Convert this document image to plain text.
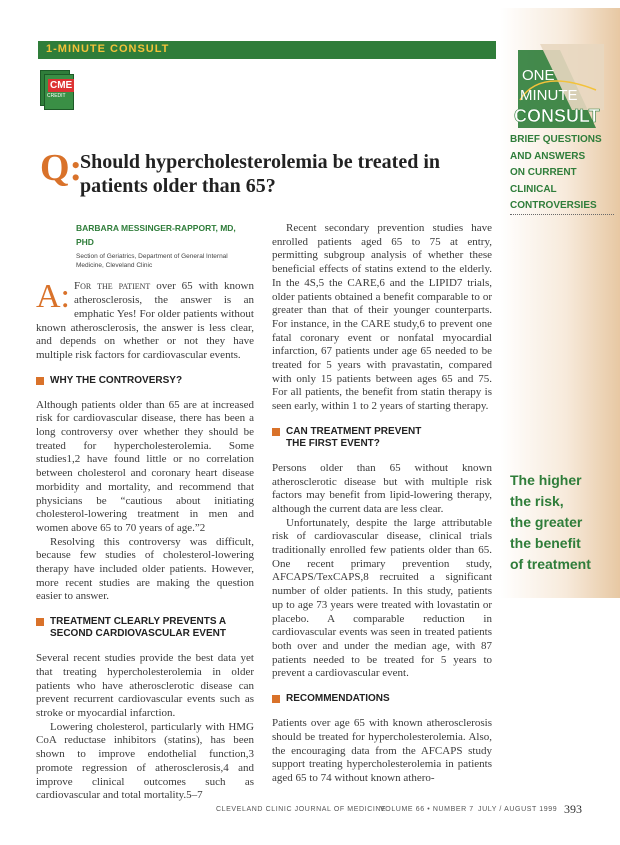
1-MINUTE CONSULT
CME
CREDIT
ONE
MINUTE
CONSULT
BRIEF QUESTIONS
AND ANSWERS
ON CURRENT
CLINICAL
CONTROVERSIES
The higher
the risk,
the greater
the benefit
of treatment
Q:
Should hypercholesterolemia be treated in patients older than 65?
BARBARA MESSINGER-RAPPORT, MD, PHD
Section of Geriatrics, Department of General Internal
Medicine, Cleveland Clinic

A: For the patient over 65 with known atherosclerosis, the answer is an emphatic Yes! For older patients without known atherosclerosis, the answer is less clear, and depends on whether or not they have multiple risk factors for cardiovascular events.

WHY THE CONTROVERSY?

Although patients older than 65 are at increased risk for cardiovascular disease, there has been a long controversy over whether they should be treated for hypercholesterolemia. Some studies1,2 have found little or no correlation between cholesterol and coronary heart disease morbidity and mortality, and recommend that physicians be “cautious about initiating cholesterol-lowering treatment in men and women above 65 to 70 years of age.”2

Resolving this controversy was difficult, because few studies of cholesterol-lowering therapy have included older patients. However, more recent studies are making the question easier to answer.

TREATMENT CLEARLY PREVENTS A
SECOND CARDIOVASCULAR EVENT

Several recent studies provide the best data yet that treating hypercholesterolemia in older patients who have atherosclerotic disease can prevent recurrent cardiovascular events such as stroke or myocardial infarction.

Lowering cholesterol, particularly with HMG CoA reductase inhibitors (statins), has been shown to improve endothelial function,3 promote regression of atherosclerosis,4 and improve clinical outcomes such as cardiovascular and total mortality.5–7

Recent secondary prevention studies have enrolled patients aged 65 to 75 at entry, permitting subgroup analysis of whether these beneficial effects of statins extend to the elderly. In the 4S,5 the CARE,6 and the LIPID7 trials, older patients obtained a benefit comparable to or greater than that of their younger counterparts. For instance, in the CARE study,6 to prevent one fatal coronary event or nonfatal myocardial infarction, 67 patients under age 65 needed to be treated for 5 years with pravastatin, compared with only 15 patients between ages 65 and 75. For all patients, the benefit from statin therapy is seen early, within 1 to 2 years of starting therapy.

CAN TREATMENT PREVENT
THE FIRST EVENT?

Persons older than 65 without known atherosclerotic disease but with multiple risk factors may benefit from lipid-lowering therapy, although the current data are less clear.

Unfortunately, despite the large attributable risk of cardiovascular disease, clinical trials traditionally enrolled few patients older than 65. One recent primary prevention study, AFCAPS/TexCAPS,8 recruited a significant number of older patients. In this study, patients up to age 73 years were treated with lovastatin or placebo. A comparable reduction in cardiovascular events was seen in treated patients both over and under the median age, with 87 patients needed to be treated for 5 years to prevent a cardiovascular event.

RECOMMENDATIONS

Patients over age 65 with known atherosclerosis should be treated for hypercholesterolemia. Also, the encouraging data from the AFCAPS study support treating hypercholesterolemia in patients aged 65 to 74 without known athero-

CLEVELAND CLINIC JOURNAL OF MEDICINE
VOLUME 66 • NUMBER 7 JULY / AUGUST 1999 393
